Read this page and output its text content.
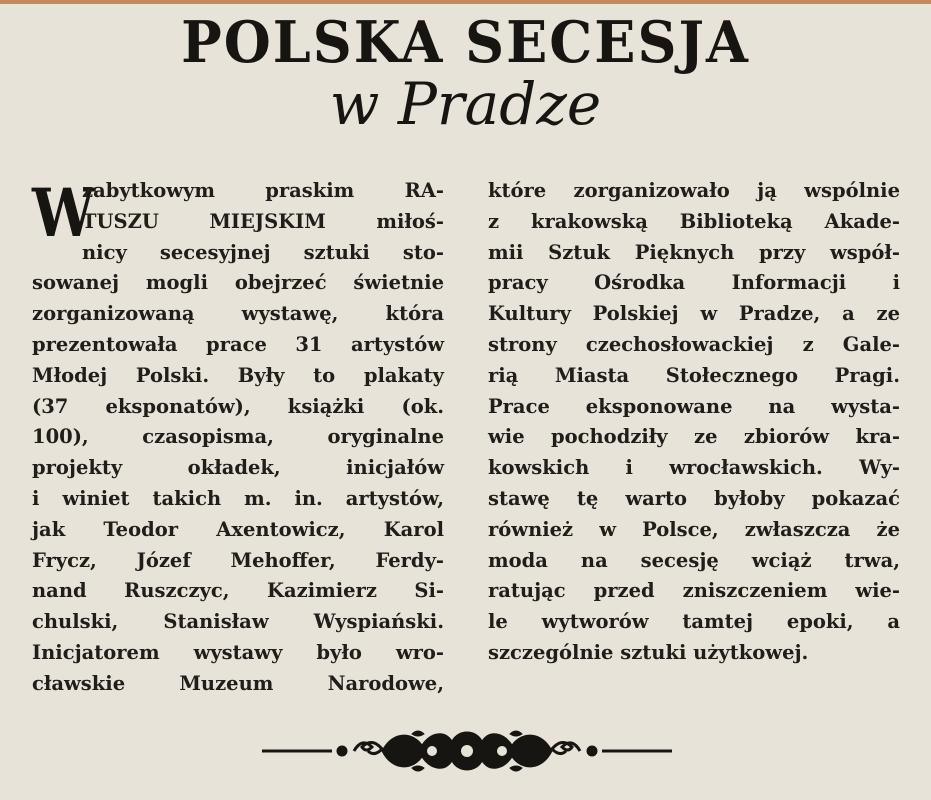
POLSKA SECESJA
w Pradze
W
zabytkowym praskim RA-
TUSZU MIEJSKIM miłoś-
nicy secesyjnej sztuki sto-
sowanej mogli obejrzeć świetnie
zorganizowaną wystawę, która
prezentowała prace 31 artystów
Młodej Polski. Były to plakaty
(37 eksponatów), książki (ok.
100), czasopisma, oryginalne
projekty okładek, inicjałów
i winiet takich m. in. artystów,
jak Teodor Axentowicz, Karol
Frycz, Józef Mehoffer, Ferdy-
nand Ruszczyc, Kazimierz Si-
chulski, Stanisław Wyspiański.
Inicjatorem wystawy było wro-
cławskie Muzeum Narodowe,
które zorganizowało ją wspólnie
z krakowską Biblioteką Akade-
mii Sztuk Pięknych przy współ-
pracy Ośrodka Informacji i
Kultury Polskiej w Pradze, a ze
strony czechosłowackiej z Gale-
rią Miasta Stołecznego Pragi.
Prace eksponowane na wysta-
wie pochodziły ze zbiorów kra-
kowskich i wrocławskich. Wy-
stawę tę warto byłoby pokazać
również w Polsce, zwłaszcza że
moda na secesję wciąż trwa,
ratując przed zniszczeniem wie-
le wytworów tamtej epoki, a
szczególnie sztuki użytkowej.
